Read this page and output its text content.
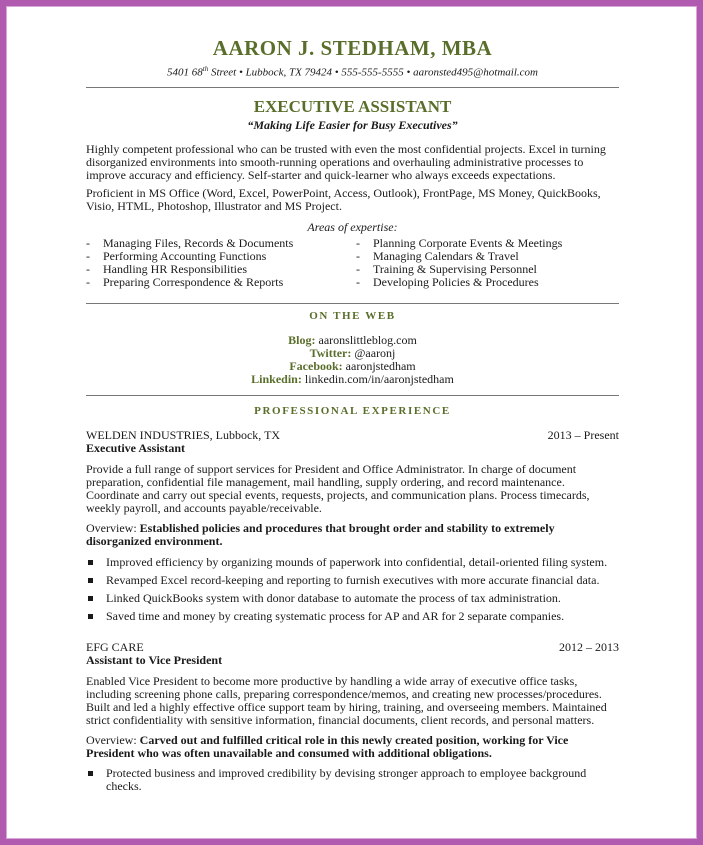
AARON J. STEDHAM, MBA
5401 68th Street • Lubbock, TX 79424 • 555-555-5555 • aaronsted495@hotmail.com
EXECUTIVE ASSISTANT
“Making Life Easier for Busy Executives”

Highly competent professional who can be trusted with even the most confidential projects. Excel in turning disorganized environments into smooth-running operations and overhauling administrative processes to improve accuracy and efficiency. Self-starter and quick-learner who always exceeds expectations.

Proficient in MS Office (Word, Excel, PowerPoint, Access, Outlook), FrontPage, MS Money, QuickBooks, Visio, HTML, Photoshop, Illustrator and MS Project.

Areas of expertise:
- Managing Files, Records & Documents
- Performing Accounting Functions
- Handling HR Responsibilities
- Preparing Correspondence & Reports
- Planning Corporate Events & Meetings
- Managing Calendars & Travel
- Training & Supervising Personnel
- Developing Policies & Procedures
ON THE WEB
Blog: aaronslittleblog.com
Twitter: @aaronj
Facebook: aaronjstedham
Linkedin: linkedin.com/in/aaronjstedham
PROFESSIONAL EXPERIENCE
WELDEN INDUSTRIES, Lubbock, TX	2013 – Present
Executive Assistant

Provide a full range of support services for President and Office Administrator. In charge of document preparation, confidential file management, mail handling, supply ordering, and record maintenance. Coordinate and carry out special events, requests, projects, and communication plans. Process timecards, weekly payroll, and accounts payable/receivable.

Overview: Established policies and procedures that brought order and stability to extremely disorganized environment.

Improved efficiency by organizing mounds of paperwork into confidential, detail-oriented filing system.
Revamped Excel record-keeping and reporting to furnish executives with more accurate financial data.
Linked QuickBooks system with donor database to automate the process of tax administration.
Saved time and money by creating systematic process for AP and AR for 2 separate companies.
EFG CARE	2012 – 2013
Assistant to Vice President

Enabled Vice President to become more productive by handling a wide array of executive office tasks, including screening phone calls, preparing correspondence/memos, and creating new processes/procedures. Built and led a highly effective office support team by hiring, training, and overseeing members. Maintained strict confidentiality with sensitive information, financial documents, client records, and personal matters.

Overview: Carved out and fulfilled critical role in this newly created position, working for Vice President who was often unavailable and consumed with additional obligations.

Protected business and improved credibility by devising stronger approach to employee background checks.
